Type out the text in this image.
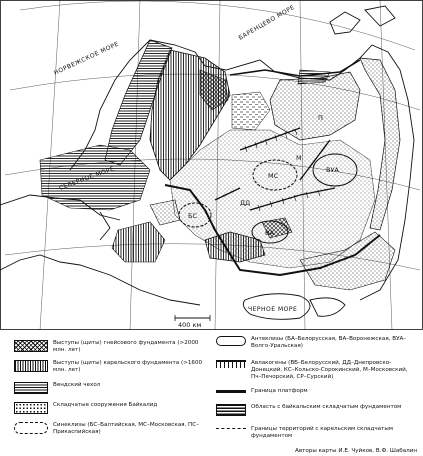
НОРВЕЖСКОЕ МОРЕ
БАРЕНЦЕВО МОРЕ
СЕВЕРНОЕ МОРЕ
ЧЕРНОЕ МОРЕ
БС
МС
ВА
ВУА
М
П
ДД
400 км
Выступы (щиты) гнейсового фундамента (>2000 млн. лет)
Выступы (щиты) карельского фундамента (>1600 млн. лет)
Вендский чехол
Складчатые сооружения Байкалид
Синеклизы (БС–Балтийская, МС–Московская, ПС–Прикаспийская)
Антеклизы (БА–Белорусская, ВА–Воронежская, ВУА–Волго-Уральская)
Авлакогены (ВБ–Белорусский, ДД–Днепровско-Донецкий, КС–Кольско-Сорокинский, М–Московский, Пч–Печорский, СР–Сурский)
Граница платформ
Область с байкальским складчатым фундаментом
Границы территорий с карельским складчатым фундаментом
Авторы карты И.Е. Чуйков, В.Ф. Шабалин
